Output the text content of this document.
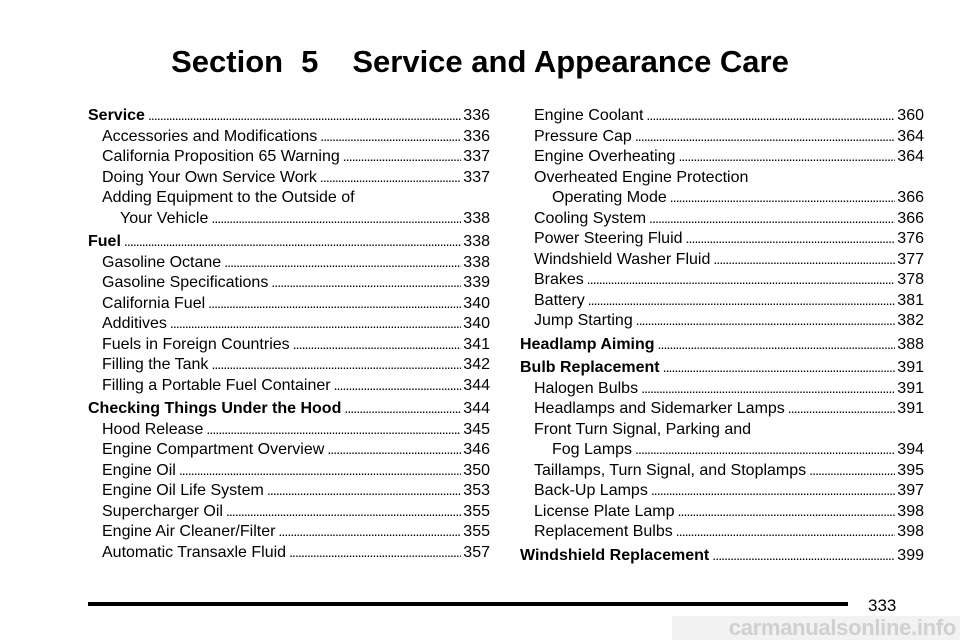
Section 5 Service and Appearance Care
Service . . .	336
Accessories and Modifications . . .	336
California Proposition 65 Warning . . .	337
Doing Your Own Service Work . . .	337
Adding Equipment to the Outside of
Your Vehicle . . .	338
Fuel . . .	338
Gasoline Octane . . .	338
Gasoline Specifications . . .	339
California Fuel . . .	340
Additives . . .	340
Fuels in Foreign Countries . . .	341
Filling the Tank . . .	342
Filling a Portable Fuel Container . . .	344
Checking Things Under the Hood . . .	344
Hood Release . . .	345
Engine Compartment Overview . . .	346
Engine Oil . . .	350
Engine Oil Life System . . .	353
Supercharger Oil . . .	355
Engine Air Cleaner/Filter . . .	355
Automatic Transaxle Fluid . . .	357
Engine Coolant . . .	360
Pressure Cap . . .	364
Engine Overheating . . .	364
Overheated Engine Protection
Operating Mode . . .	366
Cooling System . . .	366
Power Steering Fluid . . .	376
Windshield Washer Fluid . . .	377
Brakes . . .	378
Battery . . .	381
Jump Starting . . .	382
Headlamp Aiming . . .	388
Bulb Replacement . . .	391
Halogen Bulbs . . .	391
Headlamps and Sidemarker Lamps . . .	391
Front Turn Signal, Parking and
Fog Lamps . . .	394
Taillamps, Turn Signal, and Stoplamps . . .	395
Back-Up Lamps . . .	397
License Plate Lamp . . .	398
Replacement Bulbs . . .	398
Windshield Replacement . . .	399
333
carmanualsonline.info
